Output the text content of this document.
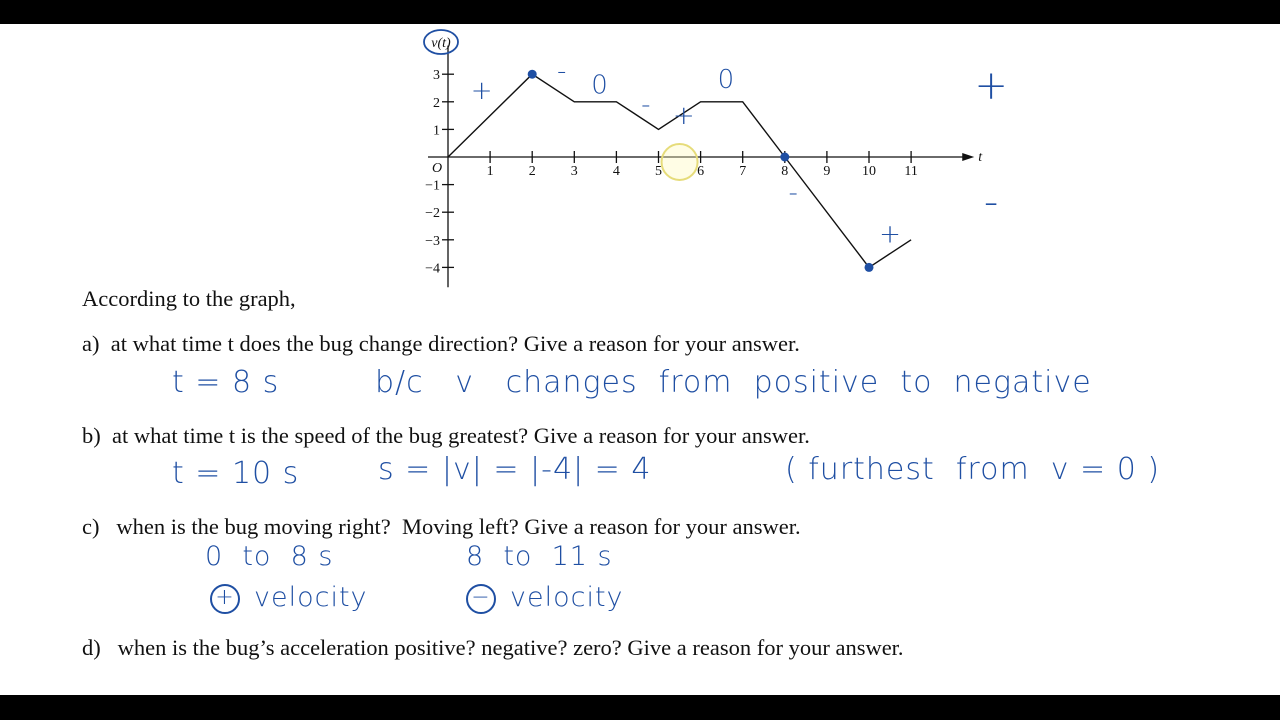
t
v(t)
O	1	2	3	4	5	6	7	8	9 10 11
3
2
1
−1
−2
−3
−4
+
- 0
- +
0
-
+
+
-
According to the graph,
a)  at what time t does the bug change direction? Give a reason for your answer.
b)  at what time t is the speed of the bug greatest? Give a reason for your answer.
c)   when is the bug moving right?  Moving left? Give a reason for your answer.
d)   when is the bug’s acceleration positive? negative? zero? Give a reason for your answer.
t = 8 s	b/c   v   changes  from  positive  to  negative
t = 10 s	s = |v| = |-4| = 4	( furthest  from  v = 0 )
0  to  8 s	8  to  11 s
+ velocity	− velocity
